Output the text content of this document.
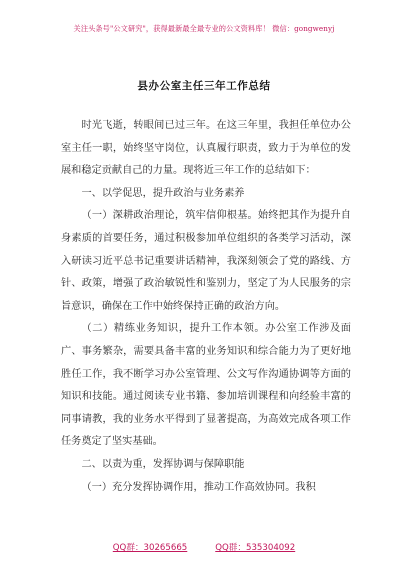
关注头条号"公文研究"，获得最新最全最专业的公文资料库！ 微信：gongwenyj
县办公室主任三年工作总结

时光飞逝，转眼间已过三年。在这三年里，我担任单位办公室主任一职，始终坚守岗位，认真履行职责，致力于为单位的发展和稳定贡献自己的力量。现将近三年工作的总结如下：

一、以学促思，提升政治与业务素养

（一）深耕政治理论，筑牢信仰根基。始终把其作为提升自身素质的首要任务，通过积极参加单位组织的各类学习活动，深入研读习近平总书记重要讲话精神，我深刻领会了党的路线、方针、政策，增强了政治敏锐性和鉴别力，坚定了为人民服务的宗旨意识，确保在工作中始终保持正确的政治方向。

（二）精练业务知识，提升工作本领。办公室工作涉及面广、事务繁杂，需要具备丰富的业务知识和综合能力为了更好地胜任工作，我不断学习办公室管理、公文写作沟通协调等方面的知识和技能。通过阅读专业书籍、参加培训课程和向经验丰富的同事请教，我的业务水平得到了显著提高，为高效完成各项工作任务奠定了坚实基础。

二、以责为重，发挥协调与保障职能

（一）充分发挥协调作用，推动工作高效协同。我积

QQ群：30265665	QQ群：535304092
